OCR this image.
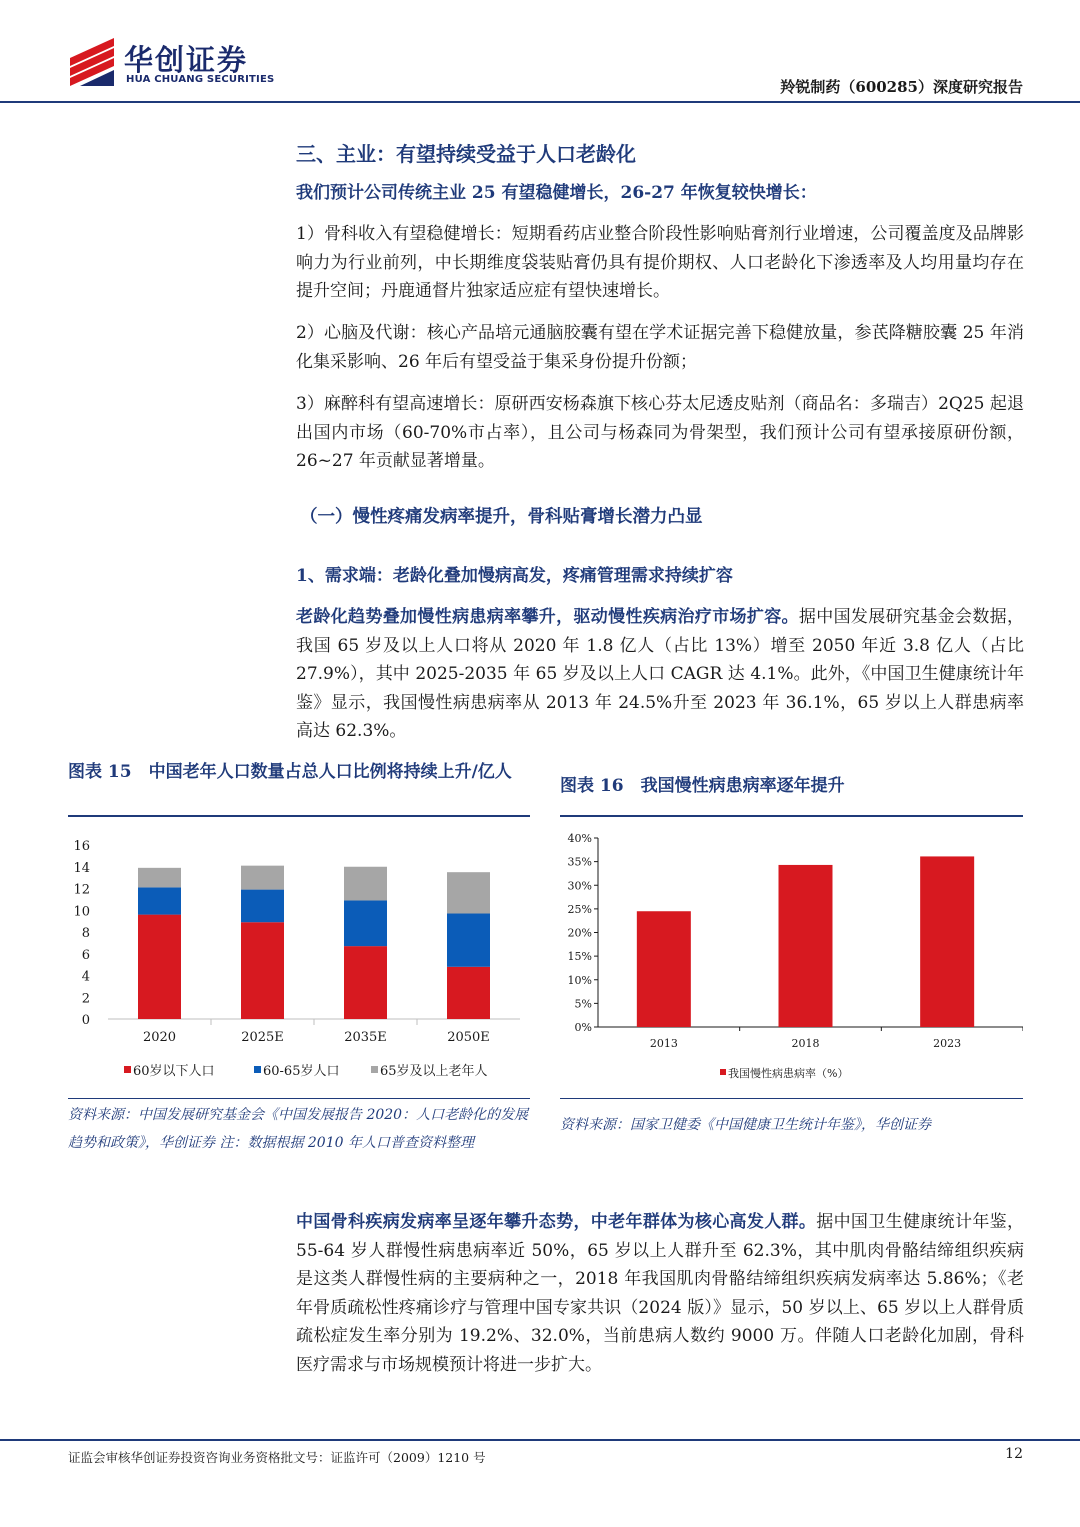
华创证券
HUA CHUANG SECURITIES	羚锐制药（600285）深度研究报告
三、主业：有望持续受益于人口老龄化
我们预计公司传统主业 25 有望稳健增长，26-27 年恢复较快增长：
1）骨科收入有望稳健增长：短期看药店业整合阶段性影响贴膏剂行业增速，公司覆盖度及品牌影响力为行业前列，中长期维度袋装贴膏仍具有提价期权、人口老龄化下渗透率及人均用量均存在提升空间；丹鹿通督片独家适应症有望快速增长。
2）心脑及代谢：核心产品培元通脑胶囊有望在学术证据完善下稳健放量，参芪降糖胶囊 25 年消化集采影响、26 年后有望受益于集采身份提升份额；
3）麻醉科有望高速增长：原研西安杨森旗下核心芬太尼透皮贴剂（商品名：多瑞吉）2Q25 起退出国内市场（60-70%市占率），且公司与杨森同为骨架型，我们预计公司有望承接原研份额，26~27 年贡献显著增量。
（一）慢性疼痛发病率提升，骨科贴膏增长潜力凸显
1、需求端：老龄化叠加慢病高发，疼痛管理需求持续扩容
老龄化趋势叠加慢性病患病率攀升，驱动慢性疾病治疗市场扩容。据中国发展研究基金会数据，我国 65 岁及以上人口将从 2020 年 1.8 亿人（占比 13%）增至 2050 年近 3.8 亿人（占比 27.9%），其中 2025-2035 年 65 岁及以上人口 CAGR 达 4.1%。此外，《中国卫生健康统计年鉴》显示，我国慢性病患病率从 2013 年 24.5%升至 2023 年 36.1%，65 岁以上人群患病率高达 62.3%。
图表 15　中国老年人口数量占总人口比例将持续上升/亿人
0
2
4
6
8
10
12
14
16
2020	2025E	2035E	2050E
60岁以下人口	60-65岁人口	65岁及以上老年人
资料来源：中国发展研究基金会《中国发展报告 2020：人口老龄化的发展趋势和政策》，华创证券 注：数据根据 2010 年人口普查资料整理
图表 16　我国慢性病患病率逐年提升
0%
5%
10%
15%
20%
25%
30%
35%
40%
2013	2018	2023
我国慢性病患病率（%）
资料来源：国家卫健委《中国健康卫生统计年鉴》，华创证券
中国骨科疾病发病率呈逐年攀升态势，中老年群体为核心高发人群。据中国卫生健康统计年鉴，55-64 岁人群慢性病患病率近 50%，65 岁以上人群升至 62.3%，其中肌肉骨骼结缔组织疾病是这类人群慢性病的主要病种之一，2018 年我国肌肉骨骼结缔组织疾病发病率达 5.86%；《老年骨质疏松性疼痛诊疗与管理中国专家共识（2024 版）》显示，50 岁以上、65 岁以上人群骨质疏松症发生率分别为 19.2%、32.0%，当前患病人数约 9000 万。伴随人口老龄化加剧，骨科医疗需求与市场规模预计将进一步扩大。
证监会审核华创证券投资咨询业务资格批文号：证监许可（2009）1210 号	12
